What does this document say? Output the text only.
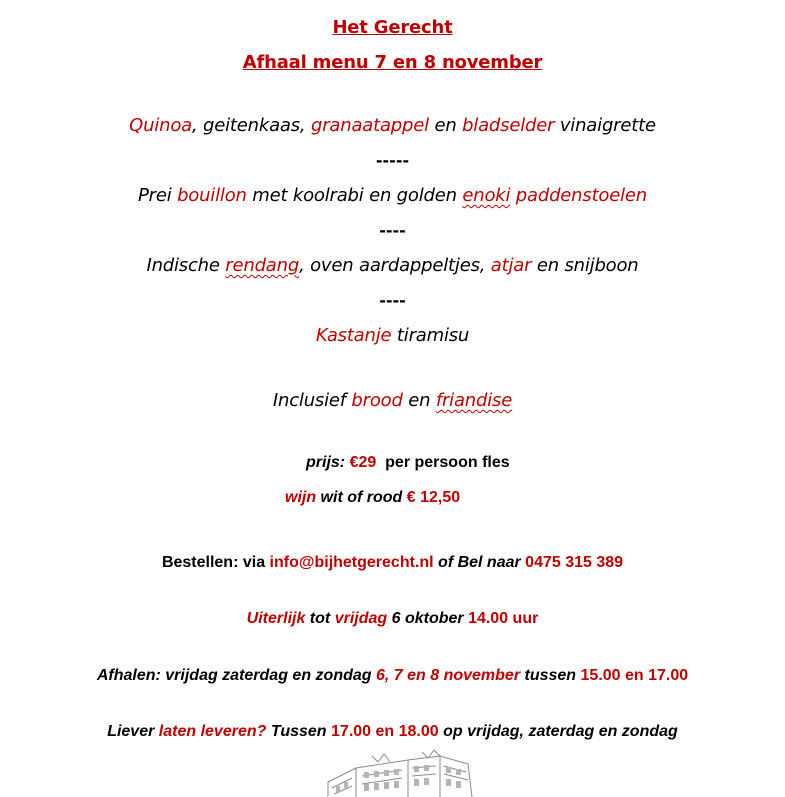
Het Gerecht
Afhaal menu 7 en 8 november
Quinoa, geitenkaas, granaatappel en bladselder vinaigrette
-----
Prei bouillon met koolrabi en golden enoki paddenstoelen
----
Indische rendang, oven aardappeltjes, atjar en snijboon
----
Kastanje tiramisu
Inclusief brood en friandise
prijs: €29  per persoon fles
wijn wit of rood € 12,50
Bestellen: via info@bijhetgerecht.nl of Bel naar 0475 315 389
Uiterlijk tot vrijdag 6 oktober 14.00 uur
Afhalen: vrijdag zaterdag en zondag 6, 7 en 8 november tussen 15.00 en 17.00
Liever laten leveren? Tussen 17.00 en 18.00 op vrijdag, zaterdag en zondag
